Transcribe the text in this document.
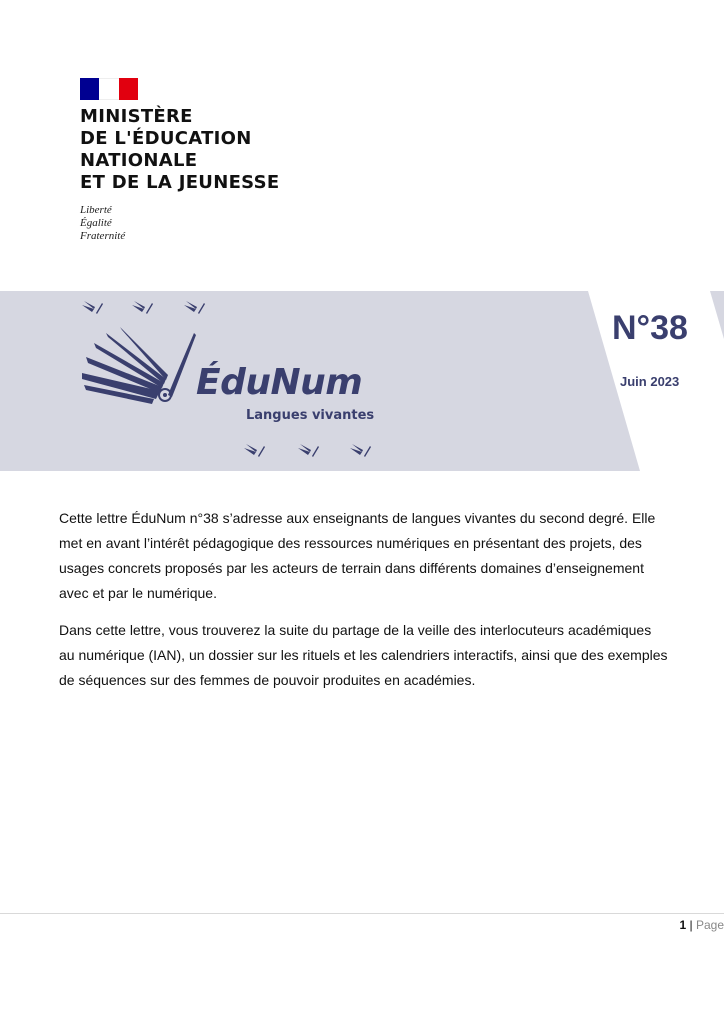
MINISTÈRE
DE L'ÉDUCATION
NATIONALE
ET DE LA JEUNESSE
Liberté
Égalité
Fraternité
ÉduNum

Langues vivantes

N°38

Juin 2023

Cette lettre ÉduNum n°38 s’adresse aux enseignants de langues vivantes du second degré. Elle met en avant l’intérêt pédagogique des ressources numériques en présentant des projets, des usages concrets proposés par les acteurs de terrain dans différents domaines d’enseignement avec et par le numérique.

Dans cette lettre, vous trouverez la suite du partage de la veille des interlocuteurs académiques au numérique (IAN), un dossier sur les rituels et les calendriers interactifs, ainsi que des exemples de séquences sur des femmes de pouvoir produites en académies.

1 | Page
